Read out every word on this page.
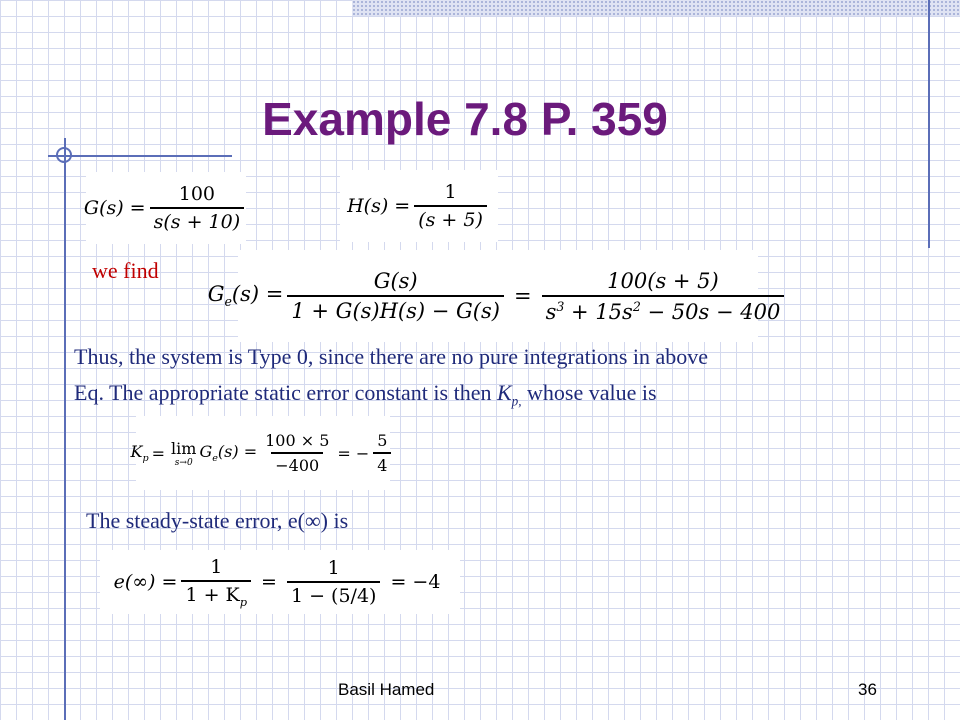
Example 7.8 P. 359
$G(s) = \frac{100}{s(s + 10)}$	$H(s) = \frac{1}{(s + 5)}$
we find
$G_e(s) = \frac{G(s)}{1 + G(s)H(s) - G(s)} = \frac{100(s + 5)}{s^3 + 15s^2 - 50s - 400}$
Thus, the system is Type 0, since there are no pure integrations in above
Eq. The appropriate static error constant is then $K_{p,}$ whose value is
$K_p = \lim$
s→0
$G_e(s) = \frac{100 \times 5}{-400}$ = − $\frac{5}{4}$
The steady-state error, e(∞) is
$e(\infty) = \frac{1}{1 + K_p} = \frac{1}{1 - (5/4)} = -4$
Basil Hamed	36
